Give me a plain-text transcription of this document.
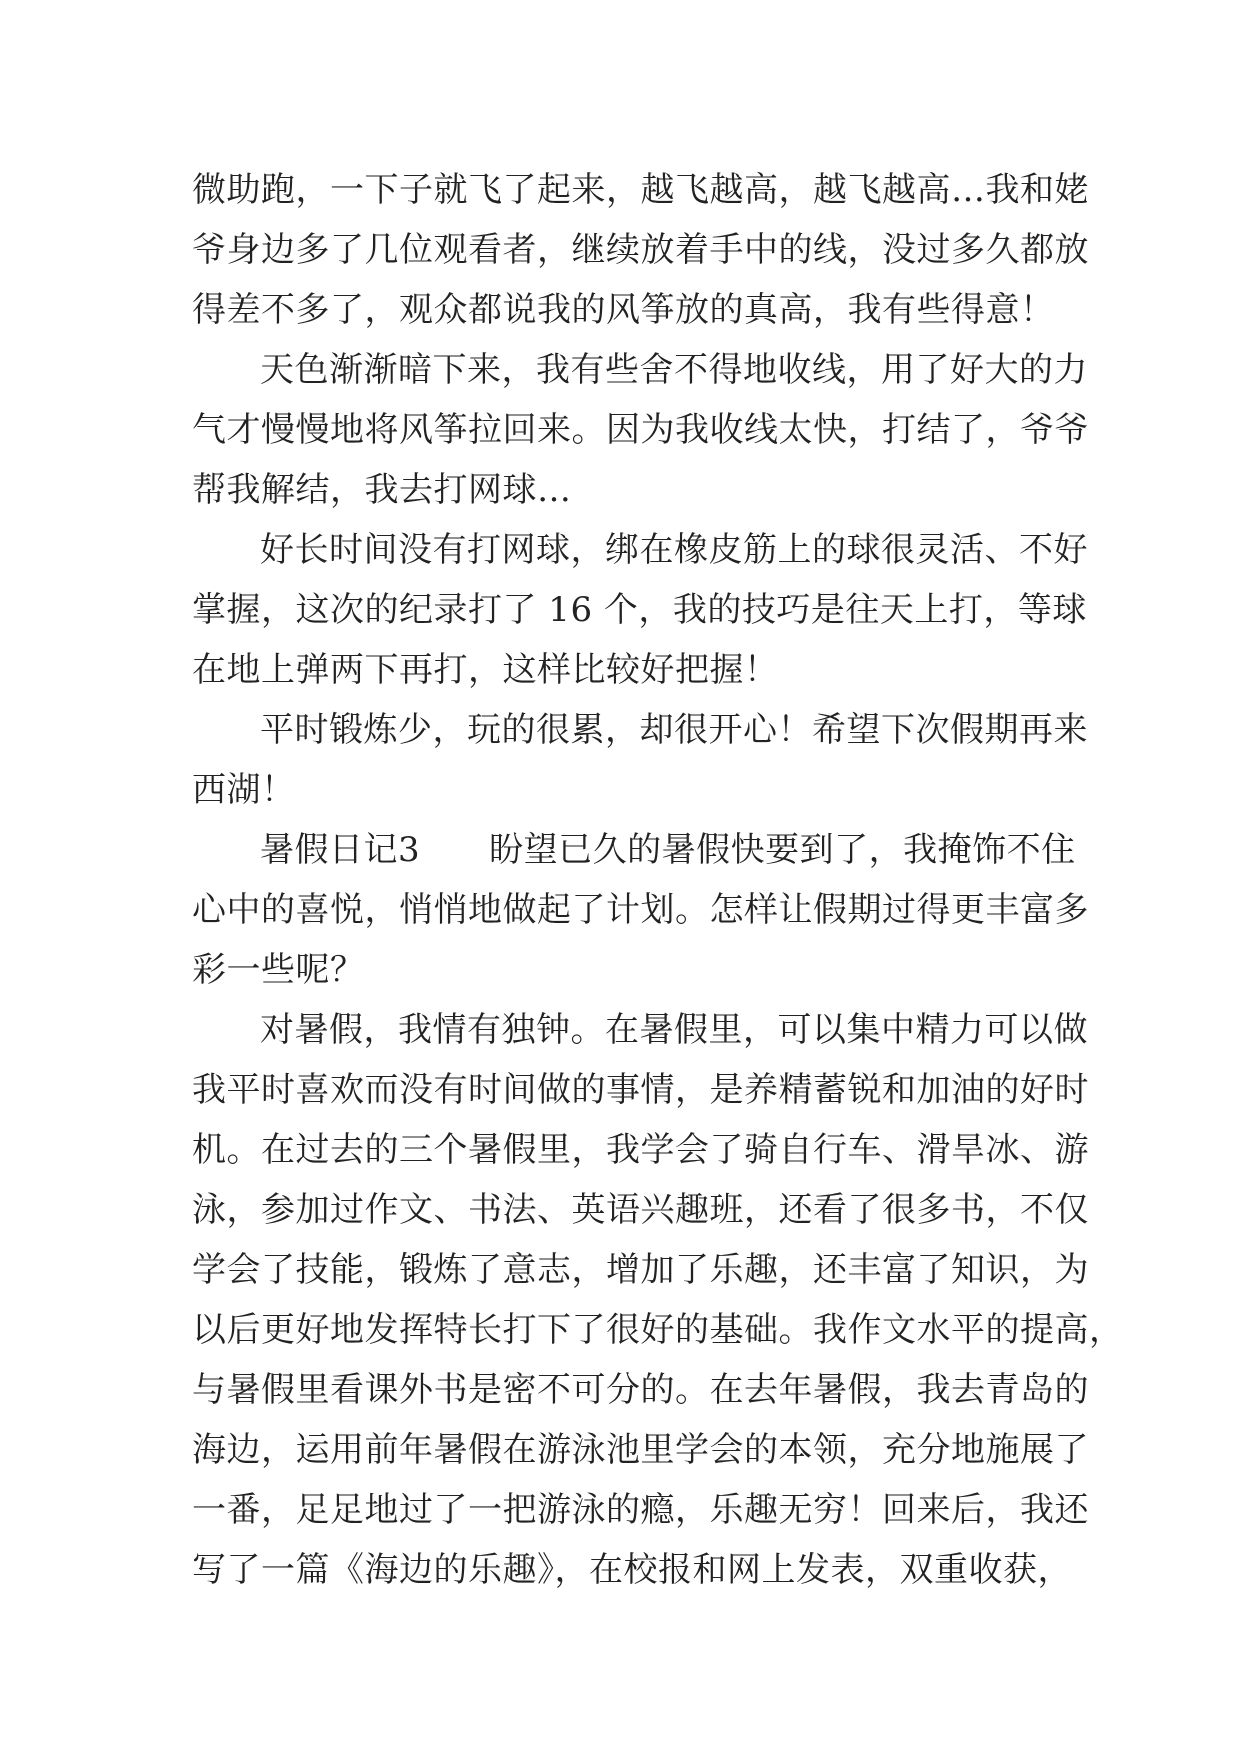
微助跑，一下子就飞了起来，越飞越高，越飞越高…我和姥
爷身边多了几位观看者，继续放着手中的线，没过多久都放
得差不多了，观众都说我的风筝放的真高，我有些得意！

天色渐渐暗下来，我有些舍不得地收线，用了好大的力
气才慢慢地将风筝拉回来。因为我收线太快，打结了，爷爷
帮我解结，我去打网球…

好长时间没有打网球，绑在橡皮筋上的球很灵活、不好
掌握，这次的纪录打了 16 个，我的技巧是往天上打，等球
在地上弹两下再打，这样比较好把握！

平时锻炼少，玩的很累，却很开心！希望下次假期再来
西湖！

暑假日记3　　盼望已久的暑假快要到了，我掩饰不住
心中的喜悦，悄悄地做起了计划。怎样让假期过得更丰富多
彩一些呢？

对暑假，我情有独钟。在暑假里，可以集中精力可以做
我平时喜欢而没有时间做的事情，是养精蓄锐和加油的好时
机。在过去的三个暑假里，我学会了骑自行车、滑旱冰、游
泳，参加过作文、书法、英语兴趣班，还看了很多书，不仅
学会了技能，锻炼了意志，增加了乐趣，还丰富了知识，为
以后更好地发挥特长打下了很好的基础。我作文水平的提高，
与暑假里看课外书是密不可分的。在去年暑假，我去青岛的
海边，运用前年暑假在游泳池里学会的本领，充分地施展了
一番，足足地过了一把游泳的瘾，乐趣无穷！回来后，我还
写了一篇《海边的乐趣》，在校报和网上发表，双重收获，
